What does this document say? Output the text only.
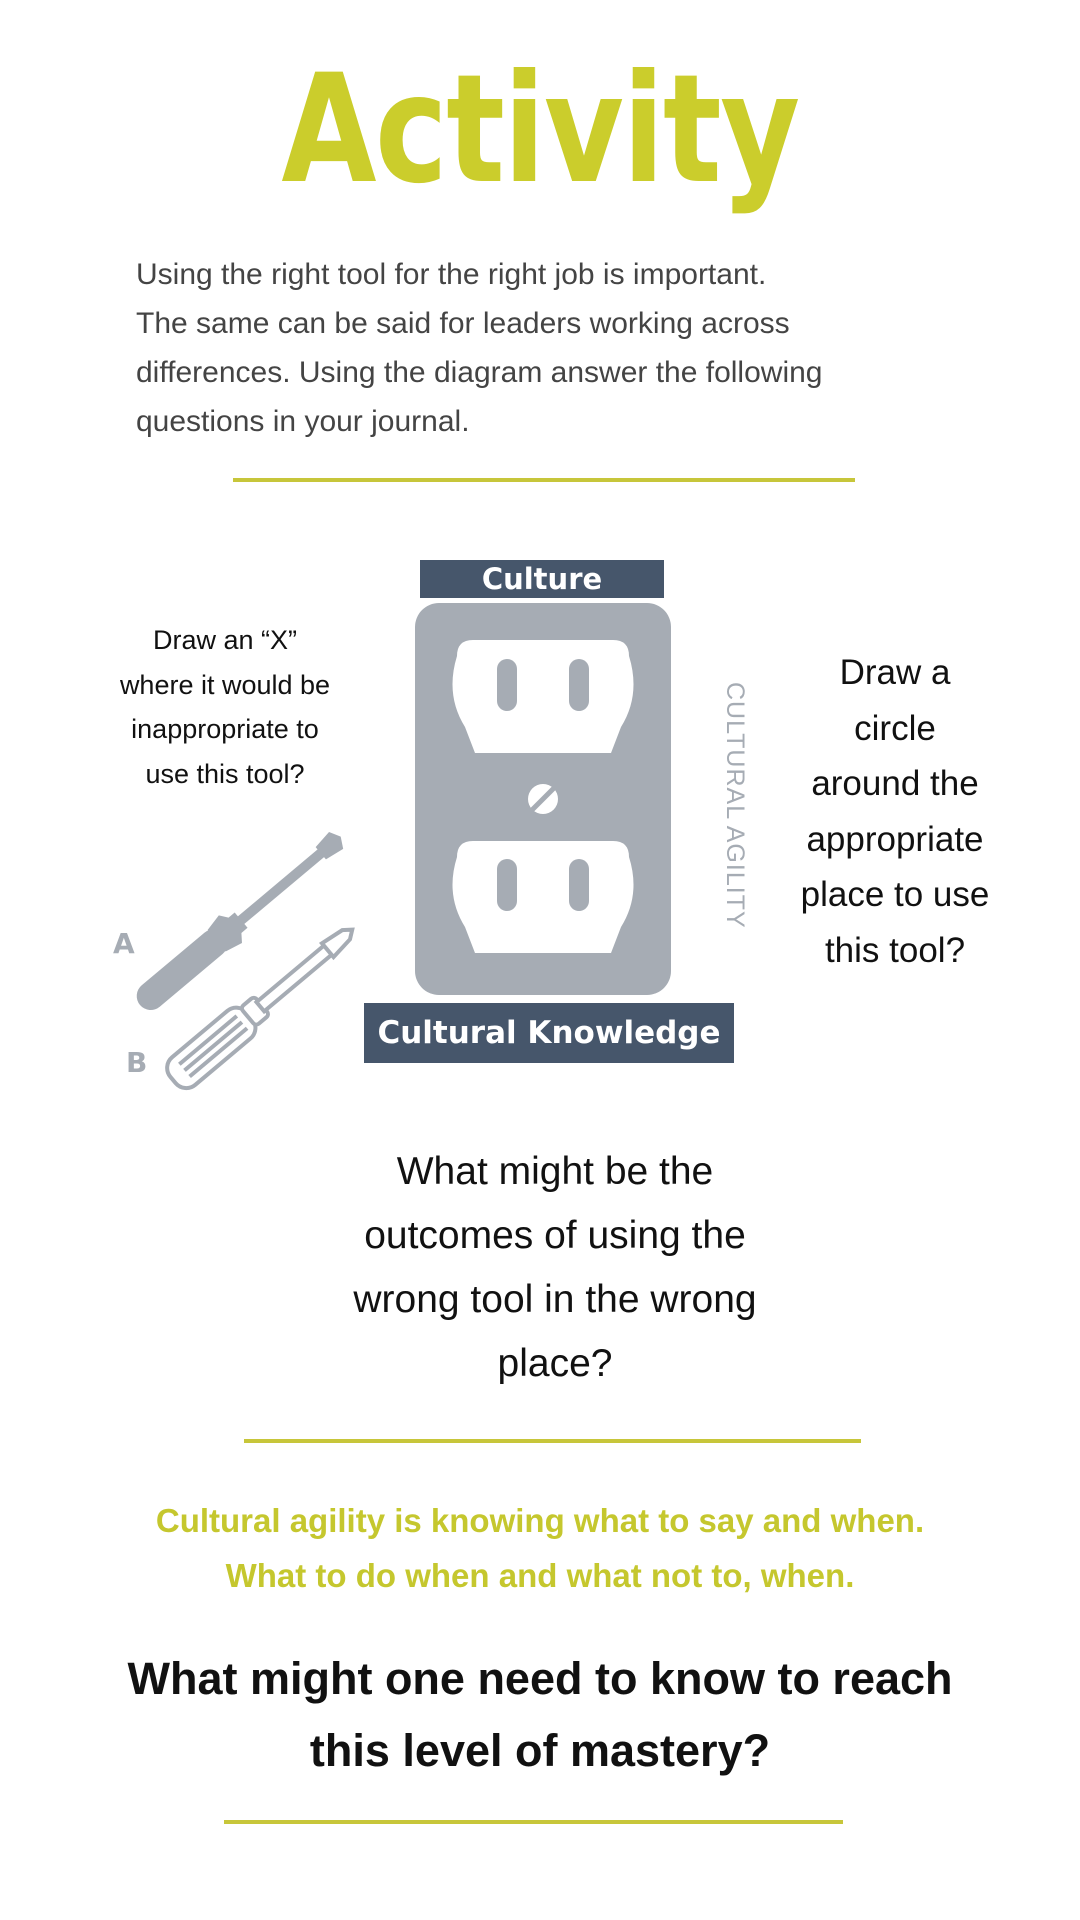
Activity
Using the right tool for the right job is important.
The same can be said for leaders working across
differences. Using the diagram answer the following
questions in your journal.
Culture
Cultural Knowledge
CULTURAL AGILITY
Draw an “X”
where it would be
inappropriate to
use this tool?
Draw a
circle
around the
appropriate
place to use
this tool?
A
B
What might be the
outcomes of using the
wrong tool in the wrong
place?
Cultural agility is knowing what to say and when.
What to do when and what not to, when.
What might one need to know to reach
this level of mastery?
